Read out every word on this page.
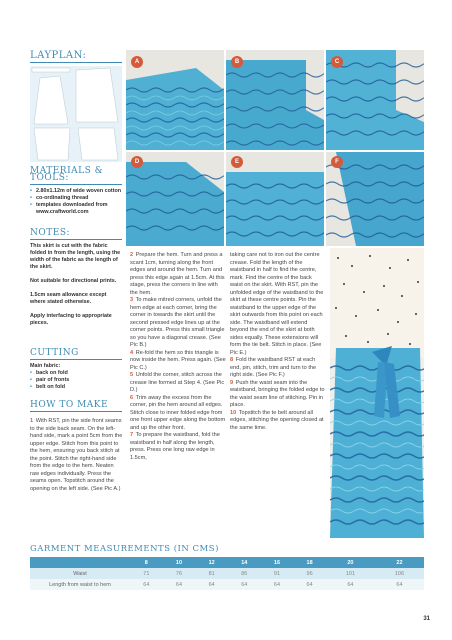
LAYPLAN:
A	B	C
D	E	F
MATERIALS & TOOLS:
• 2.80x1.12m of wide woven cotton
• co-ordinating thread
• templates downloaded from www.craftworld.com
NOTES:

This skirt is cut with the fabric folded in from the length, using the width of the fabric as the length of the skirt.

Not suitable for directional prints.

1.5cm seam allowance except where stated otherwise.

Apply interfacing to appropriate pieces.

CUTTING

Main fabric:

• back on fold
• pair of fronts
• belt on fold
HOW TO MAKE

1 With RST, pin the side front seams to the side back seam. On the left-hand side, mark a point 5cm from the upper edge. Stitch from this point to the hem, ensuring you back stitch at the point. Stitch the right-hand side from the edge to the hem. Neaten raw edges individually. Press the seams open. Topstitch around the opening on the left side. (See Pic A.)

2 Prepare the hem. Turn and press a scant 1cm, turning along the front edges and around the hem. Turn and press this edge again at 1.5cm. At this stage, press the corners in line with the hem.

3 To make mitred corners, unfold the hem edge at each corner, bring the corner in towards the skirt until the second pressed edge lines up at the corner points. Press this small triangle so you have a diagonal crease. (See Pic B.)

4 Re-fold the hem so this triangle is now inside the hem. Press again. (See Pic C.)

5 Unfold the corner, stitch across the crease line formed at Step 4. (See Pic D.)

6 Trim away the excess from the corner, pin the hem around all edges. Stitch close to inner folded edge from one front upper edge along the bottom and up the other front.

7 To prepare the waistband, fold the waistband in half along the length, press. Press one long raw edge in 1.5cm,

taking care not to iron out the centre crease. Fold the length of the waistband in half to find the centre, mark. Find the centre of the back waist on the skirt. With RST, pin the unfolded edge of the waistband to the skirt at these centre points. Pin the waistband to the upper edge of the skirt outwards from this point on each side. The waistband will extend beyond the end of the skirt at both sides equally. These extensions will form the tie belt. Stitch in place. (See Pic E.)

8 Fold the waistband RST at each end, pin, stitch, trim and turn to the right side. (See Pic F.)

9 Push the waist seam into the waistband, bringing the folded edge to the waist seam line of stitching. Pin in place.

10 Topstitch the te belt around all edges, stitching the opening closed at the same time.

GARMENT MEASUREMENTS (IN CMS)
	8	10	12	14	16	18	20	22
Waist	71	76	81	86	91	96	101	106
Length from waist to hem	64	64	64	64	64	64	64	64
31
